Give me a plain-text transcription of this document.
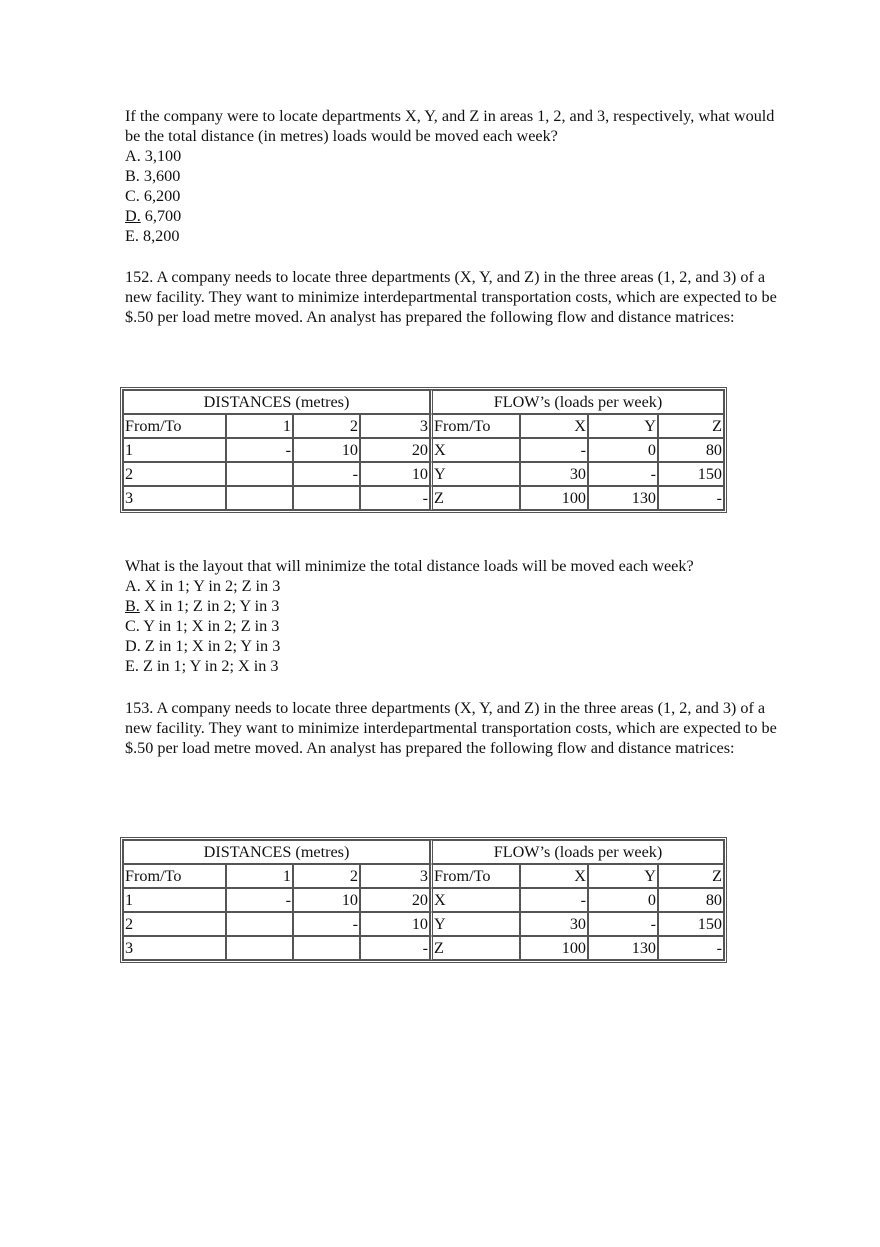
If the company were to locate departments X, Y, and Z in areas 1, 2, and 3, respectively, what would be the total distance (in metres) loads would be moved each week?

A. 3,100

B. 3,600

C. 6,200

D. 6,700

E. 8,200

152. A company needs to locate three departments (X, Y, and Z) in the three areas (1, 2, and 3) of a new facility. They want to minimize interdepartmental transportation costs, which are expected to be $.50 per load metre moved. An analyst has prepared the following flow and distance matrices:

DISTANCES (metres)				FLOW’s (loads per week)			
From/To	1	2	3	From/To	X	Y	Z
1	-	10	20	X	-	0	80
2		-	10	Y	30	-	150
3			-	Z	100	130	-

What is the layout that will minimize the total distance loads will be moved each week?

A. X in 1; Y in 2; Z in 3

B. X in 1; Z in 2; Y in 3

C. Y in 1; X in 2; Z in 3

D. Z in 1; X in 2; Y in 3

E. Z in 1; Y in 2; X in 3

153. A company needs to locate three departments (X, Y, and Z) in the three areas (1, 2, and 3) of a new facility. They want to minimize interdepartmental transportation costs, which are expected to be $.50 per load metre moved. An analyst has prepared the following flow and distance matrices:

DISTANCES (metres)				FLOW’s (loads per week)			
From/To	1	2	3	From/To	X	Y	Z
1	-	10	20	X	-	0	80
2		-	10	Y	30	-	150
3			-	Z	100	130	-
